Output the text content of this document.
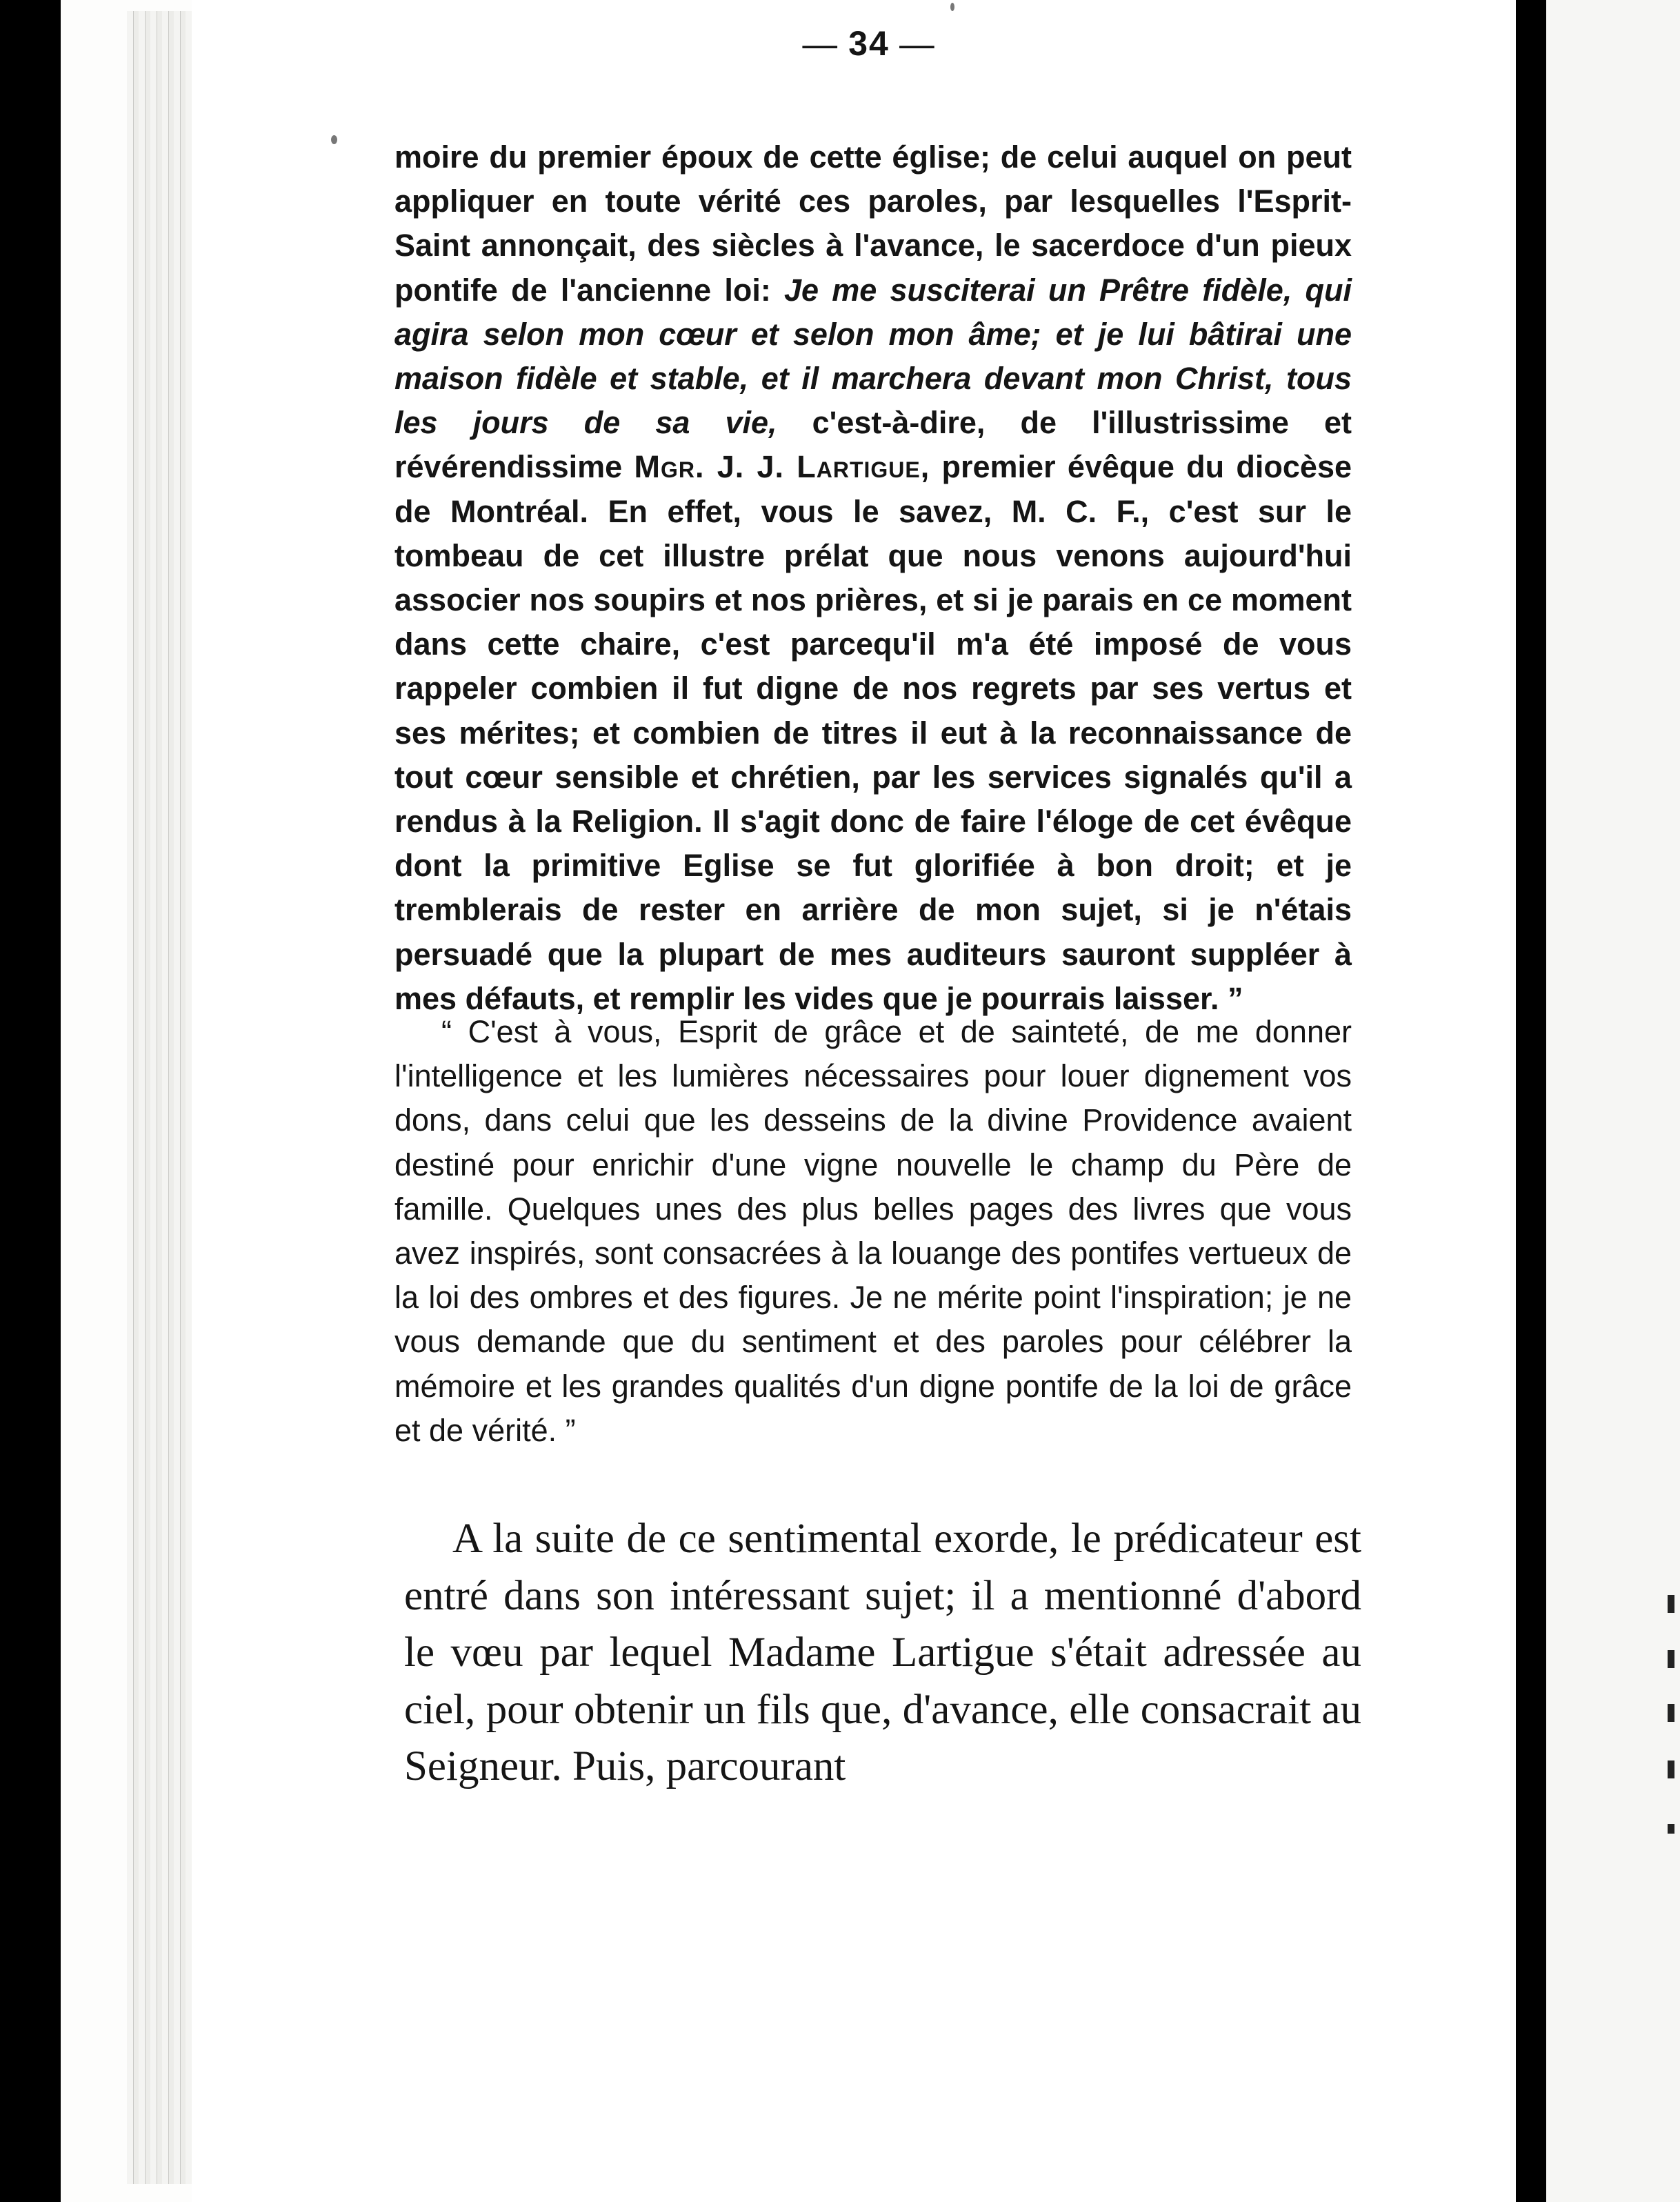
— 34 —

moire du premier époux de cette église; de celui auquel on peut appliquer en toute vérité ces paroles, par lesquelles l'Esprit-Saint annonçait, des siècles à l'avance, le sacerdoce d'un pieux pontife de l'ancienne loi: Je me susciterai un Prêtre fidèle, qui agira selon mon cœur et selon mon âme; et je lui bâtirai une maison fidèle et stable, et il marchera devant mon Christ, tous les jours de sa vie, c'est-à-dire, de l'illustrissime et révérendissime Mgr. J. J. Lartigue, premier évêque du diocèse de Montréal. En effet, vous le savez, M. C. F., c'est sur le tombeau de cet illustre prélat que nous venons aujourd'hui associer nos soupirs et nos prières, et si je parais en ce moment dans cette chaire, c'est parcequ'il m'a été imposé de vous rappeler combien il fut digne de nos regrets par ses vertus et ses mérites; et combien de titres il eut à la reconnaissance de tout cœur sensible et chrétien, par les services signalés qu'il a rendus à la Religion. Il s'agit donc de faire l'éloge de cet évêque dont la primitive Eglise se fut glorifiée à bon droit; et je tremblerais de rester en arrière de mon sujet, si je n'étais persuadé que la plupart de mes auditeurs sauront suppléer à mes défauts, et remplir les vides que je pourrais laisser. ”

“ C'est à vous, Esprit de grâce et de sainteté, de me donner l'intelligence et les lumières nécessaires pour louer dignement vos dons, dans celui que les desseins de la divine Providence avaient destiné pour enrichir d'une vigne nouvelle le champ du Père de famille. Quelques unes des plus belles pages des livres que vous avez inspirés, sont consacrées à la louange des pontifes vertueux de la loi des ombres et des figures. Je ne mérite point l'inspiration; je ne vous demande que du sentiment et des paroles pour célébrer la mémoire et les grandes qualités d'un digne pontife de la loi de grâce et de vérité. ”

A la suite de ce sentimental exorde, le prédicateur est entré dans son intéressant sujet; il a mentionné d'abord le vœu par lequel Madame Lartigue s'était adressée au ciel, pour obtenir un fils que, d'avance, elle consacrait au Seigneur. Puis, parcourant
